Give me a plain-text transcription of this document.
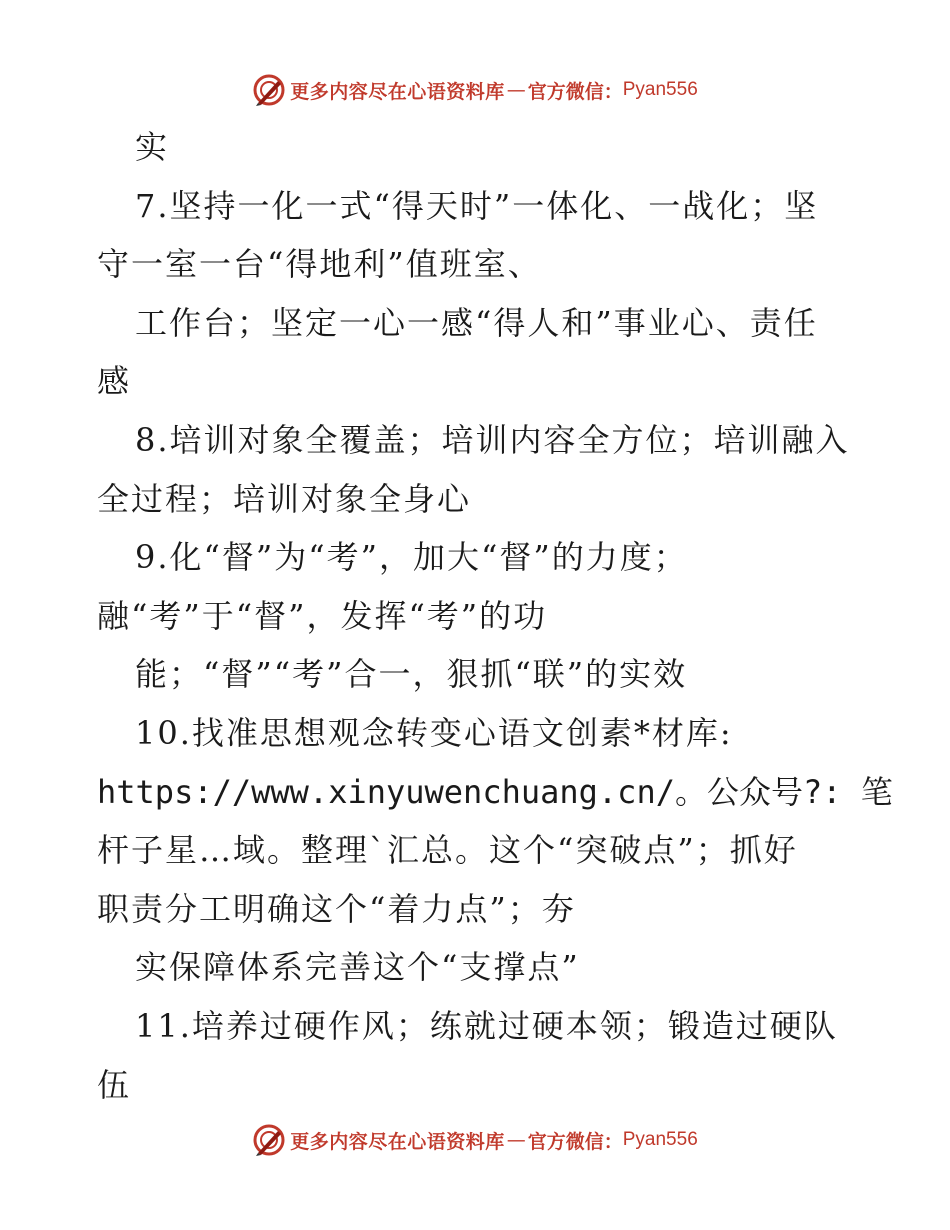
更多内容尽在心语资料库 — 官方微信： Pyan556
实
7.坚持一化一式“得天时”一体化、一战化；坚
守一室一台“得地利”值班室、
工作台；坚定一心一感“得人和”事业心、责任
感
8.培训对象全覆盖；培训内容全方位；培训融入
全过程；培训对象全身心
9.化“督”为“考”，加大“督”的力度；
融“考”于“督”，发挥“考”的功
能；“督”“考”合一，狠抓“联”的实效
10.找准思想观念转变心语文创素*材库:
https://www.xinyuwenchuang.cn/。公众号?: 笔
杆子星…域。整理`汇总。这个“突破点”；抓好
职责分工明确这个“着力点”；夯
实保障体系完善这个“支撑点”
11.培养过硬作风；练就过硬本领；锻造过硬队
伍
更多内容尽在心语资料库 — 官方微信： Pyan556
